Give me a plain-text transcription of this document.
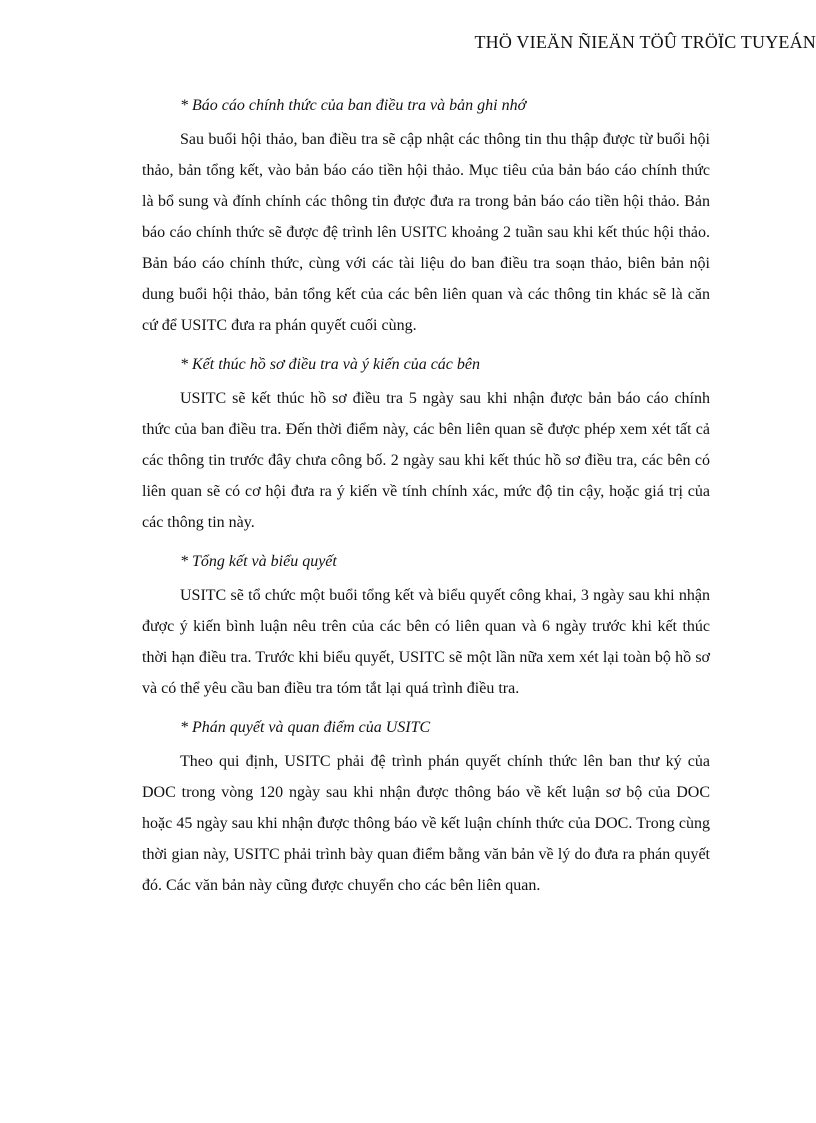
THÖ VIEÄN ÑIEÄN TÖÛ TRÖÏC TUYEÁN

* Báo cáo chính thức của ban điều tra và bản ghi nhớ

Sau buổi hội thảo, ban điều tra sẽ cập nhật các thông tin thu thập được từ buổi hội thảo, bản tổng kết, vào bản báo cáo tiền hội thảo. Mục tiêu của bản báo cáo chính thức là bổ sung và đính chính các thông tin được đưa ra trong bản báo cáo tiền hội thảo. Bản báo cáo chính thức sẽ được đệ trình lên USITC khoảng 2 tuần sau khi kết thúc hội thảo. Bản báo cáo chính thức, cùng với các tài liệu do ban điều tra soạn thảo, biên bản nội dung buổi hội thảo, bản tổng kết của các bên liên quan và các thông tin khác sẽ là căn cứ để USITC đưa ra phán quyết cuối cùng.

* Kết thúc hồ sơ điều tra và ý kiến của các bên

USITC sẽ kết thúc hồ sơ điều tra 5 ngày sau khi nhận được bản báo cáo chính thức của ban điều tra. Đến thời điểm này, các bên liên quan sẽ được phép xem xét tất cả các thông tin trước đây chưa công bố. 2 ngày sau khi kết thúc hồ sơ điều tra, các bên có liên quan sẽ có cơ hội đưa ra ý kiến về tính chính xác, mức độ tin cậy, hoặc giá trị của các thông tin này.

* Tổng kết và biểu quyết

USITC sẽ tổ chức một buổi tổng kết và biểu quyết công khai, 3 ngày sau khi nhận được ý kiến bình luận nêu trên của các bên có liên quan và 6 ngày trước khi kết thúc thời hạn điều tra. Trước khi biểu quyết, USITC sẽ một lần nữa xem xét lại toàn bộ hồ sơ và có thể yêu cầu ban điều tra tóm tắt lại quá trình điều tra.

* Phán quyết và quan điểm của USITC

Theo qui định, USITC phải đệ trình phán quyết chính thức lên ban thư ký của DOC trong vòng 120 ngày sau khi nhận được thông báo về kết luận sơ bộ của DOC hoặc 45 ngày sau khi nhận được thông báo về kết luận chính thức của DOC. Trong cùng thời gian này, USITC phải trình bày quan điểm bằng văn bản về lý do đưa ra phán quyết đó. Các văn bản này cũng được chuyển cho các bên liên quan.
